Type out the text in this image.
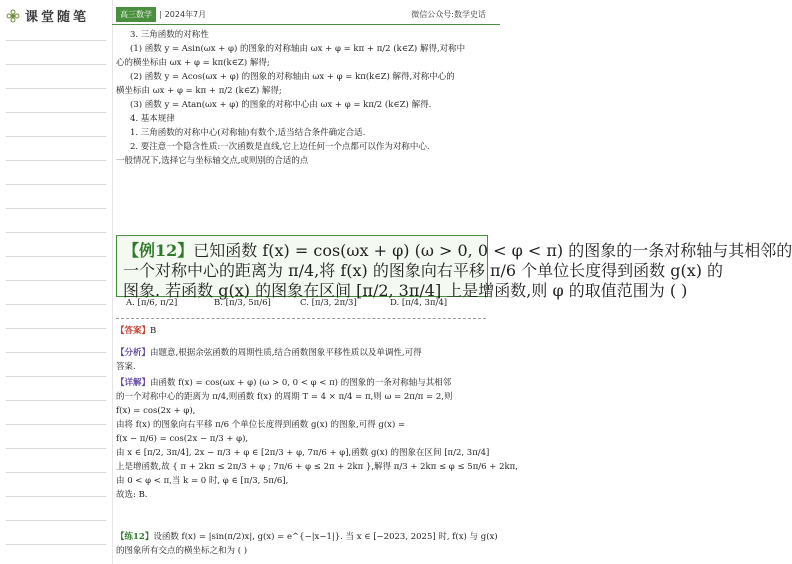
课堂随笔	高三数学 | 2024年7月	微信公众号:数学史话
3. 三角函数的对称性
(1) 函数 y = Asin(ωx + φ) 的图象的对称轴由 ωx + φ = kπ + π/2 (k∈Z) 解得,对称中
心的横坐标由 ωx + φ = kπ(k∈Z) 解得;
(2) 函数 y = Acos(ωx + φ) 的图象的对称轴由 ωx + φ = kπ(k∈Z) 解得,对称中心的
横坐标由 ωx + φ = kπ + π/2 (k∈Z) 解得;
(3) 函数 y = Atan(ωx + φ) 的图象的对称中心由 ωx + φ = kπ/2 (k∈Z) 解得.
4. 基本规律
1. 三角函数的对称中心(对称轴)有数个,适当结合条件确定合适.
2. 要注意一个隐含性质:一次函数是直线,它上边任何一个点都可以作为对称中心.
一般情况下,选择它与坐标轴交点,或则别的合适的点
【例12】已知函数 f(x) = cos(ωx + φ) (ω > 0, 0 < φ < π) 的图象的一条对称轴与其相邻的
一个对称中心的距离为 π/4,将 f(x) 的图象向右平移 π/6 个单位长度得到函数 g(x) 的
图象. 若函数 g(x) 的图象在区间 [π/2, 3π/4] 上是增函数,则 φ 的取值范围为 ( )
A. [π/6, π/2]	B. [π/3, 5π/6]	C. [π/3, 2π/3]	D. [π/4, 3π/4]
【答案】B
【分析】由题意,根据余弦函数的周期性质,结合函数图象平移性质以及单调性,可得
答案.
【详解】由函数 f(x) = cos(ωx + φ) (ω > 0, 0 < φ < π) 的图象的一条对称轴与其相邻
的一个对称中心的距离为 π/4,则函数 f(x) 的周期 T = 4 × π/4 = π,则 ω = 2π/π = 2,则
f(x) = cos(2x + φ),
由将 f(x) 的图象向右平移 π/6 个单位长度得到函数 g(x) 的图象,可得 g(x) =
f(x − π/6) = cos(2x − π/3 + φ),
由 x ∈ [π/2, 3π/4], 2x − π/3 + φ ∈ [2π/3 + φ, 7π/6 + φ],函数 g(x) 的图象在区间 [π/2, 3π/4]
上是增函数,故 { π + 2kπ ≤ 2π/3 + φ ; 7π/6 + φ ≤ 2π + 2kπ },解得 π/3 + 2kπ ≤ φ ≤ 5π/6 + 2kπ,
由 0 < φ < π,当 k = 0 时, φ ∈ [π/3, 5π/6],
故选: B.
【练12】设函数 f(x) = |sin(π/2)x|, g(x) = e^{−|x−1|}. 当 x ∈ [−2023, 2025] 时, f(x) 与 g(x)
的图象所有交点的横坐标之和为 ( )
